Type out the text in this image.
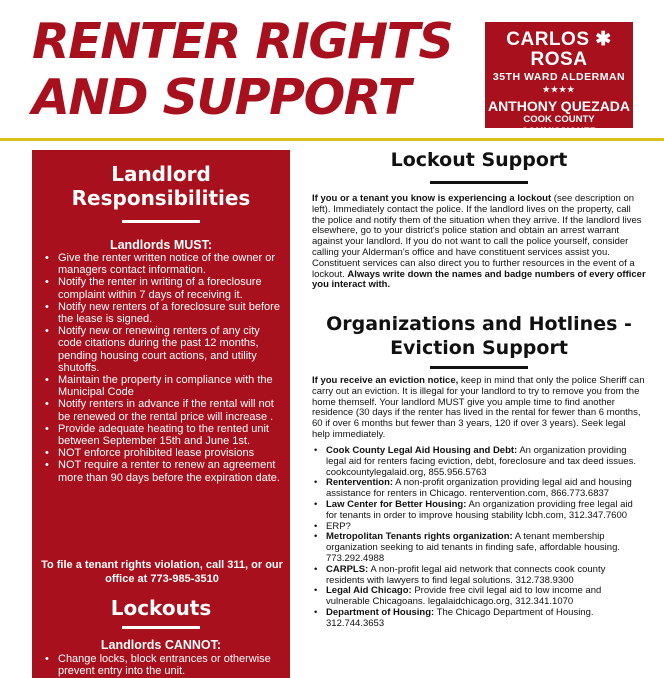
RENTER RIGHTS
AND SUPPORT
CARLOS ✱ ROSA
35TH WARD ALDERMAN
★★★★
ANTHONY QUEZADA
COOK COUNTY COMMISSIONER
Landlord Responsibilities
Landlords MUST:
• Give the renter written notice of the owner or managers contact information.
• Notify the renter in writing of a foreclosure complaint within 7 days of receiving it.
• Notify new renters of a foreclosure suit before the lease is signed.
• Notify new or renewing renters of any city code citations during the past 12 months, pending housing court actions, and utility shutoffs.
• Maintain the property in compliance with the Municipal Code
• Notify renters in advance if the rental will not be renewed or the rental price will increase .
• Provide adequate heating to the rented unit between September 15th and June 1st.
• NOT enforce prohibited lease provisions
• NOT require a renter to renew an agreement more than 90 days before the expiration date.
To file a tenant rights violation, call 311, or our office at 773-985-3510
Lockouts
Landlords CANNOT:
• Change locks, block entrances or otherwise prevent entry into the unit.
Lockout Support

If you or a tenant you know is experiencing a lockout (see description on left). Immediately contact the police. If the landlord lives on the property, call the police and notify them of the situation when they arrive. If the landlord lives elsewhere, go to your district's police station and obtain an arrest warrant against your landlord. If you do not want to call the police yourself, consider calling your Alderman's office and have constituent services assist you. Constituent services can also direct you to further resources in the event of a lockout. Always write down the names and badge numbers of every officer you interact with.

Organizations and Hotlines - Eviction Support

If you receive an eviction notice, keep in mind that only the police Sheriff can carry out an eviction. It is illegal for your landlord to try to remove you from the home themself. Your landlord MUST give you ample time to find another residence (30 days if the renter has lived in the rental for fewer than 6 months, 60 if over 6 months but fewer than 3 years, 120 if over 3 years). Seek legal help immediately.

• Cook County Legal Aid Housing and Debt: An organization providing legal aid for renters facing eviction, debt, foreclosure and tax deed issues. cookcountylegalaid.org, 855.956.5763
• Rentervention: A non-profit organization providing legal aid and housing assistance for renters in Chicago. rentervention.com, 866.773.6837
• Law Center for Better Housing: An organization providing free legal aid for tenants in order to improve housing stability lcbh.com, 312.347.7600
• ERP?
• Metropolitan Tenants rights organization: A tenant membership organization seeking to aid tenants in finding safe, affordable housing. 773.292.4988
• CARPLS: A non-profit legal aid network that connects cook county residents with lawyers to find legal solutions. 312.738.9300
• Legal Aid Chicago: Provide free civil legal aid to low income and vulnerable Chicagoans. legalaidchicago.org, 312.341.1070
• Department of Housing: The Chicago Department of Housing. 312.744.3653
